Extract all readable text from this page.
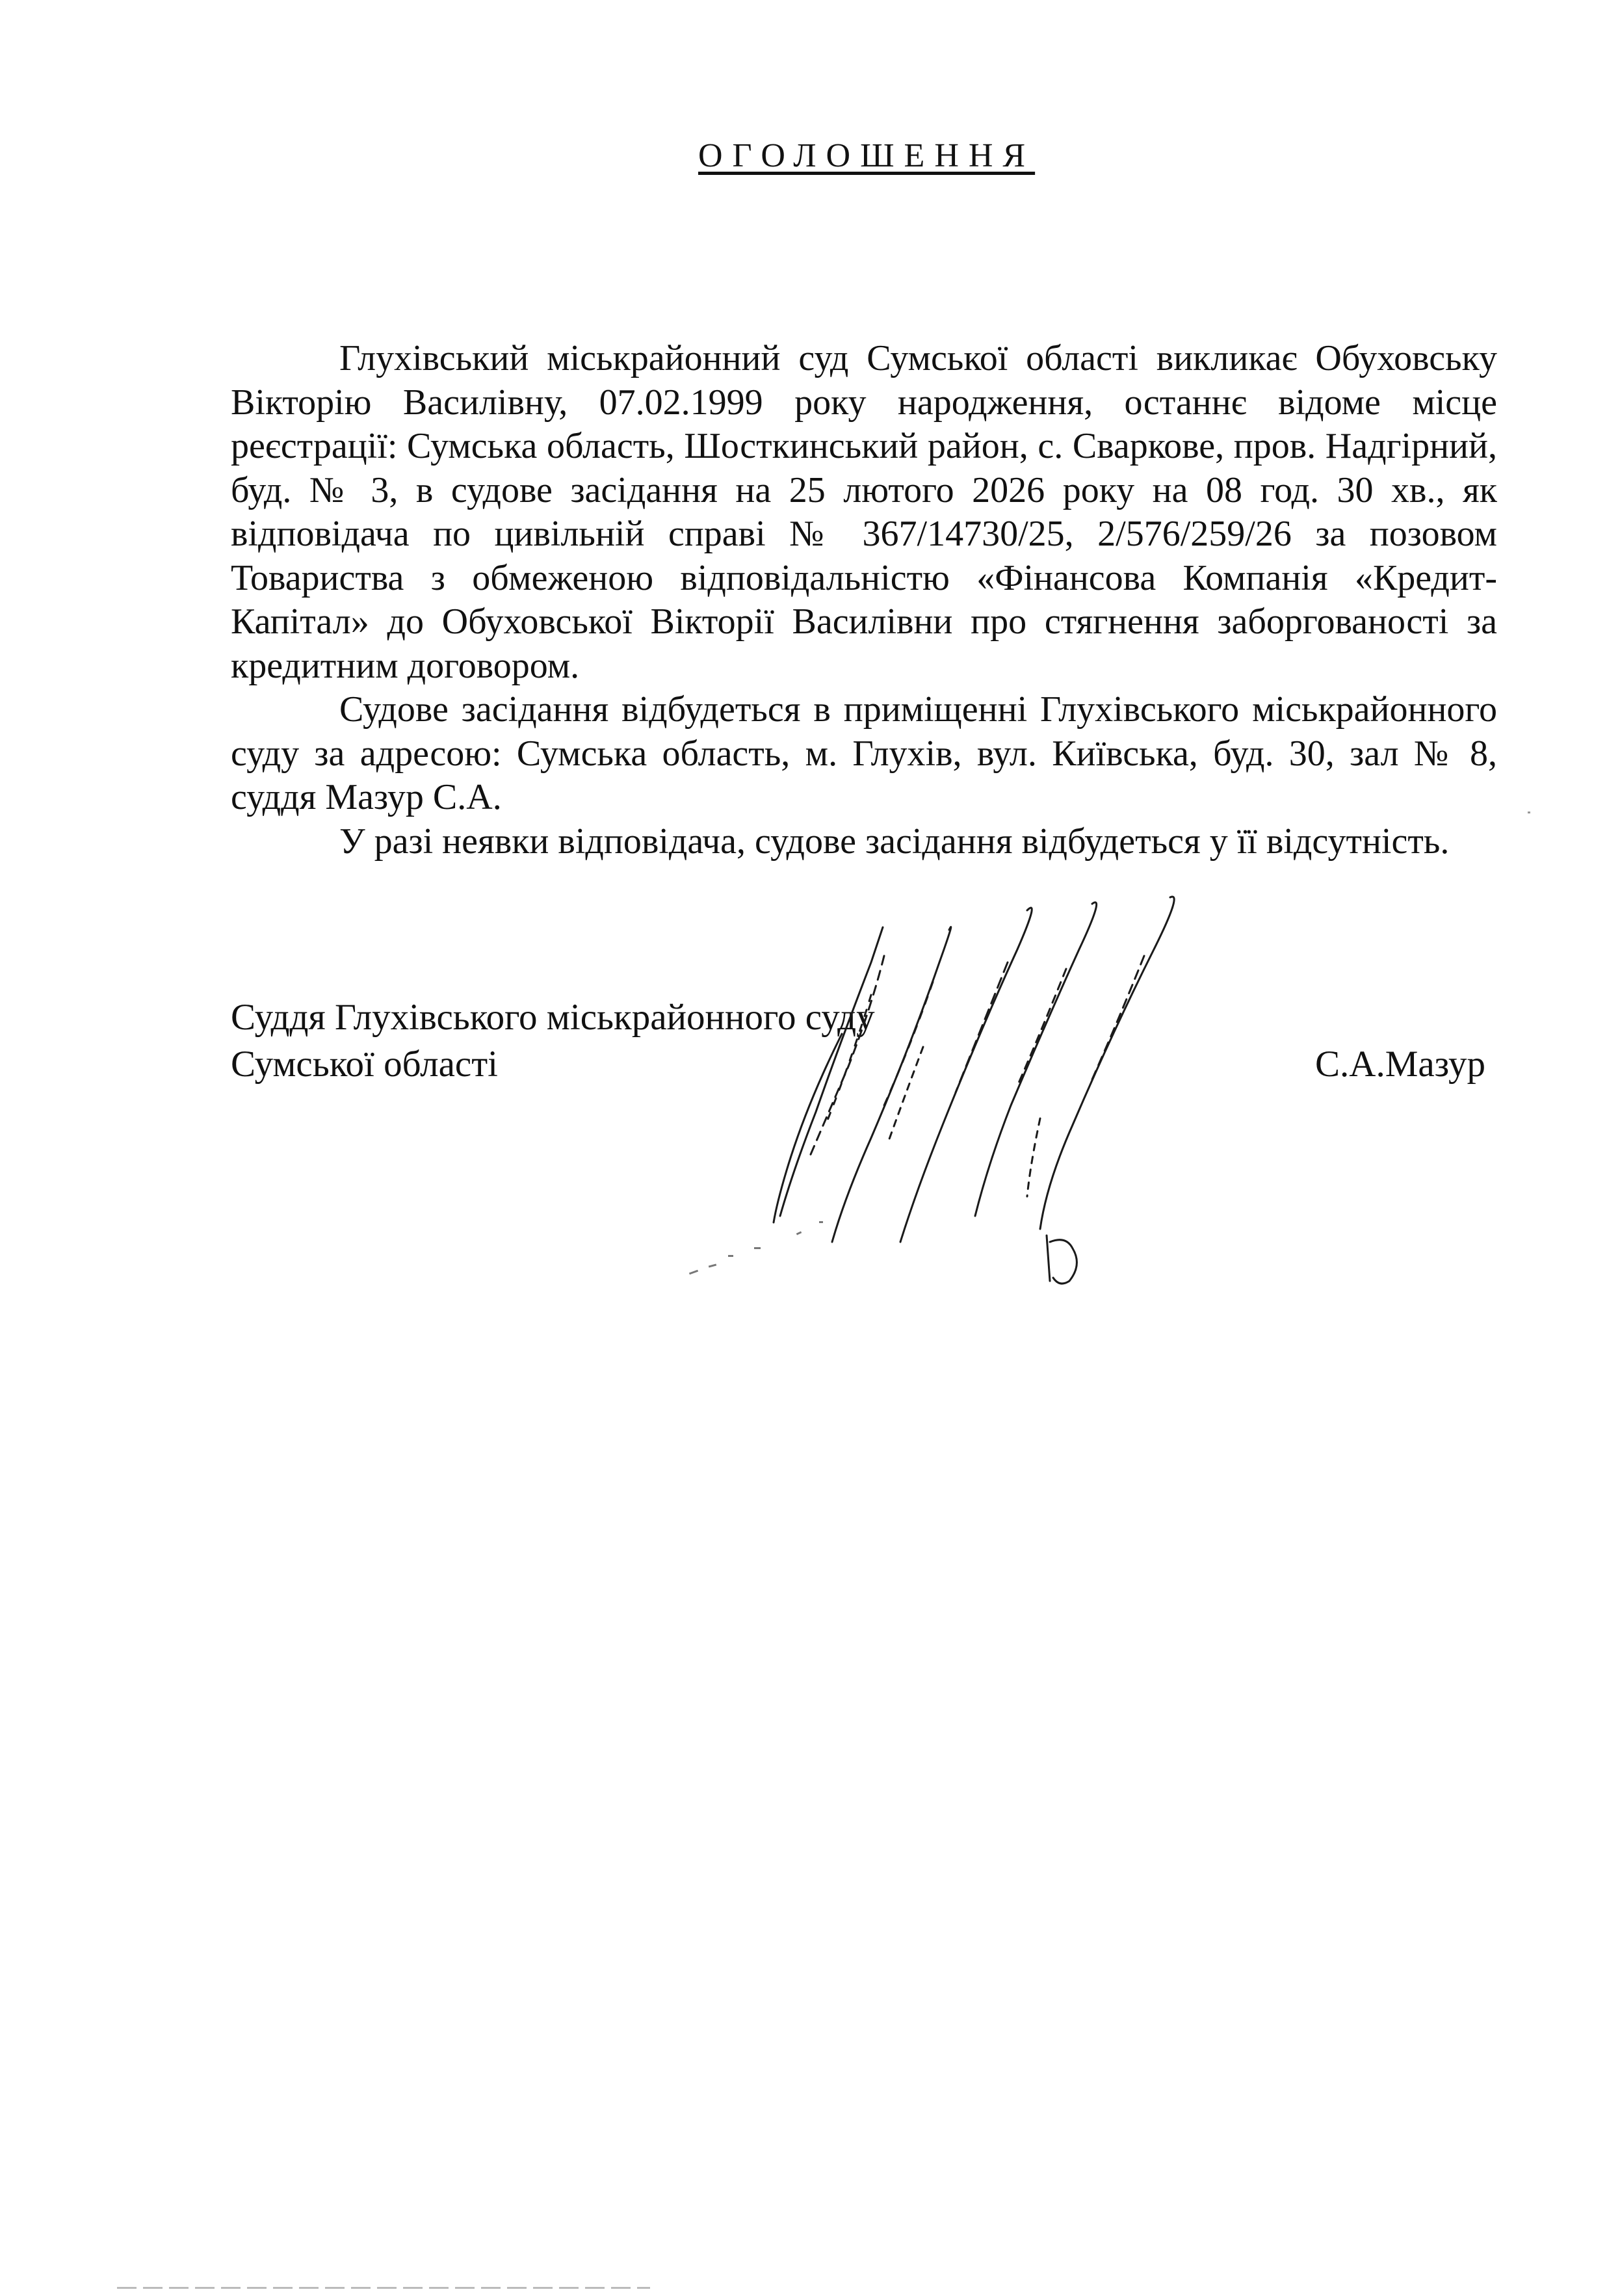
ОГОЛОШЕННЯ

Глухівський міськрайонний суд Сумської області викликає Обуховську Вікторію Василівну, 07.02.1999 року народження, останнє відоме місце реєстрації: Сумська область, Шосткинський район, с. Сваркове, пров. Надгірний, буд. № 3, в судове засідання на 25 лютого 2026 року на 08 год. 30 хв., як відповідача по цивільній справі № 367/14730/25, 2/576/259/26 за позовом Товариства з обмеженою відповідальністю «Фінансова Компанія «Кредит-Капітал» до Обуховської Вікторії Василівни про стягнення заборгованості за кредитним договором.

Судове засідання відбудеться в приміщенні Глухівського міськрайонного суду за адресою: Сумська область, м. Глухів, вул. Київська, буд. 30, зал № 8, суддя Мазур С.А.

У разі неявки відповідача, судове засідання відбудеться у її відсутність.

Суддя Глухівського міськрайонного суду
Сумської області	С.А.Мазур
